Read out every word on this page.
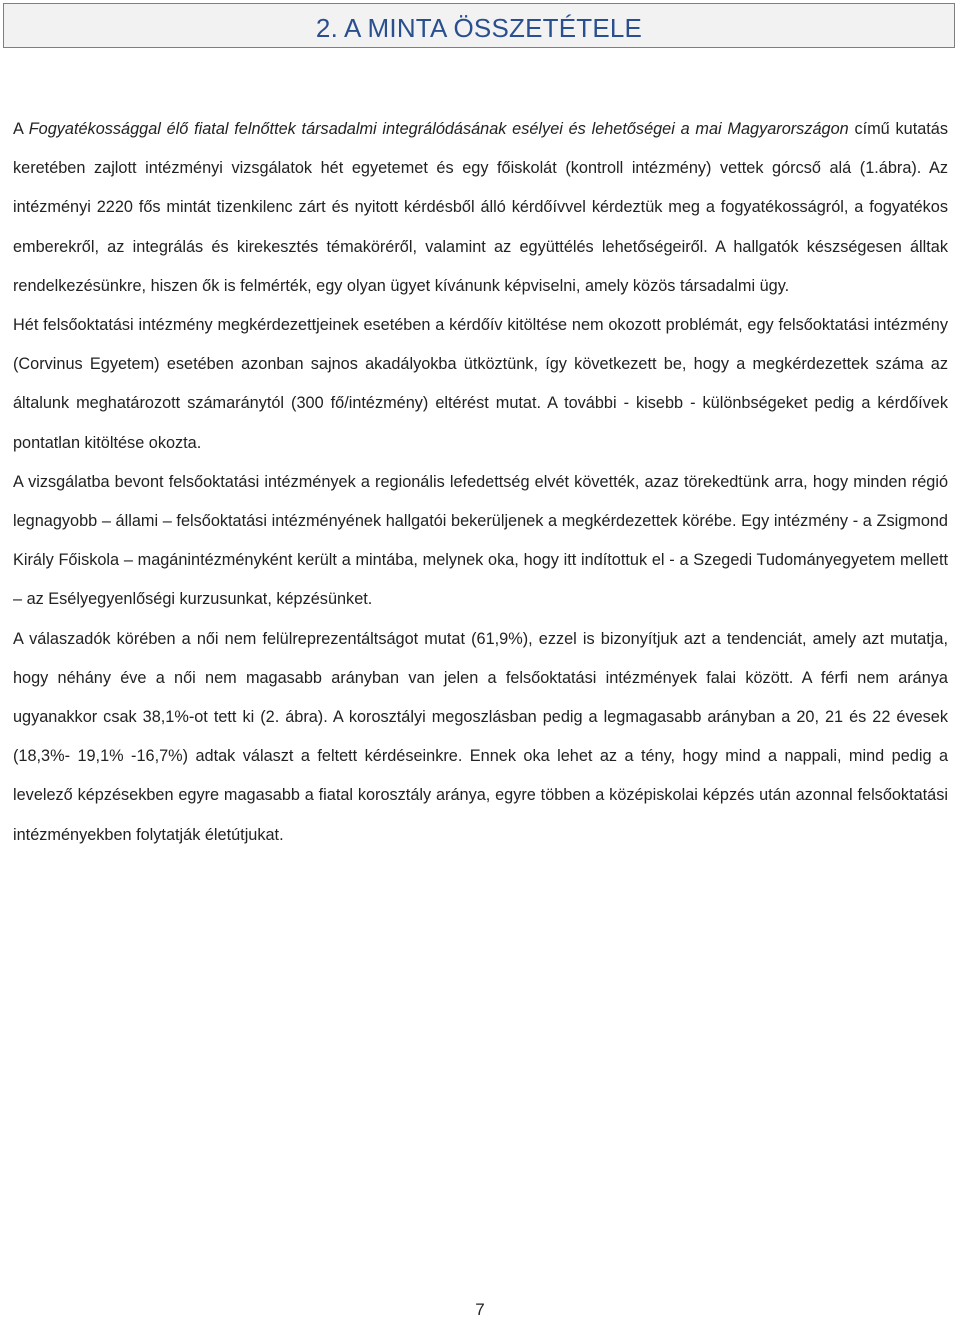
2. A MINTA ÖSSZETÉTELE

A Fogyatékossággal élő fiatal felnőttek társadalmi integrálódásának esélyei és lehetőségei a mai Magyarországon című kutatás keretében zajlott intézményi vizsgálatok hét egyetemet és egy főiskolát (kontroll intézmény) vettek górcső alá (1.ábra). Az intézményi 2220 fős mintát tizenkilenc zárt és nyitott kérdésből álló kérdőívvel kérdeztük meg a fogyatékosságról, a fogyatékos emberekről, az integrálás és kirekesztés témaköréről, valamint az együttélés lehetőségeiről. A hallgatók készségesen álltak rendelkezésünkre, hiszen ők is felmérték, egy olyan ügyet kívánunk képviselni, amely közös társadalmi ügy.

Hét felsőoktatási intézmény megkérdezettjeinek esetében a kérdőív kitöltése nem okozott problémát, egy felsőoktatási intézmény (Corvinus Egyetem) esetében azonban sajnos akadályokba ütköztünk, így következett be, hogy a megkérdezettek száma az általunk meghatározott számaránytól (300 fő/intézmény) eltérést mutat. A további - kisebb - különbségeket pedig a kérdőívek pontatlan kitöltése okozta.

A vizsgálatba bevont felsőoktatási intézmények a regionális lefedettség elvét követték, azaz törekedtünk arra, hogy minden régió legnagyobb – állami – felsőoktatási intézményének hallgatói bekerüljenek a megkérdezettek körébe. Egy intézmény - a Zsigmond Király Főiskola – magánintézményként került a mintába, melynek oka, hogy itt indítottuk el - a Szegedi Tudományegyetem mellett – az Esélyegyenlőségi kurzusunkat, képzésünket.

A válaszadók körében a női nem felülreprezentáltságot mutat (61,9%), ezzel is bizonyítjuk azt a tendenciát, amely azt mutatja, hogy néhány éve a női nem magasabb arányban van jelen a felsőoktatási intézmények falai között. A férfi nem aránya ugyanakkor csak 38,1%-ot tett ki (2. ábra). A korosztályi megoszlásban pedig a legmagasabb arányban a 20, 21 és 22 évesek (18,3%- 19,1% -16,7%) adtak választ a feltett kérdéseinkre. Ennek oka lehet az a tény, hogy mind a nappali, mind pedig a levelező képzésekben egyre magasabb a fiatal korosztály aránya, egyre többen a középiskolai képzés után azonnal felsőoktatási intézményekben folytatják életútjukat.

7
